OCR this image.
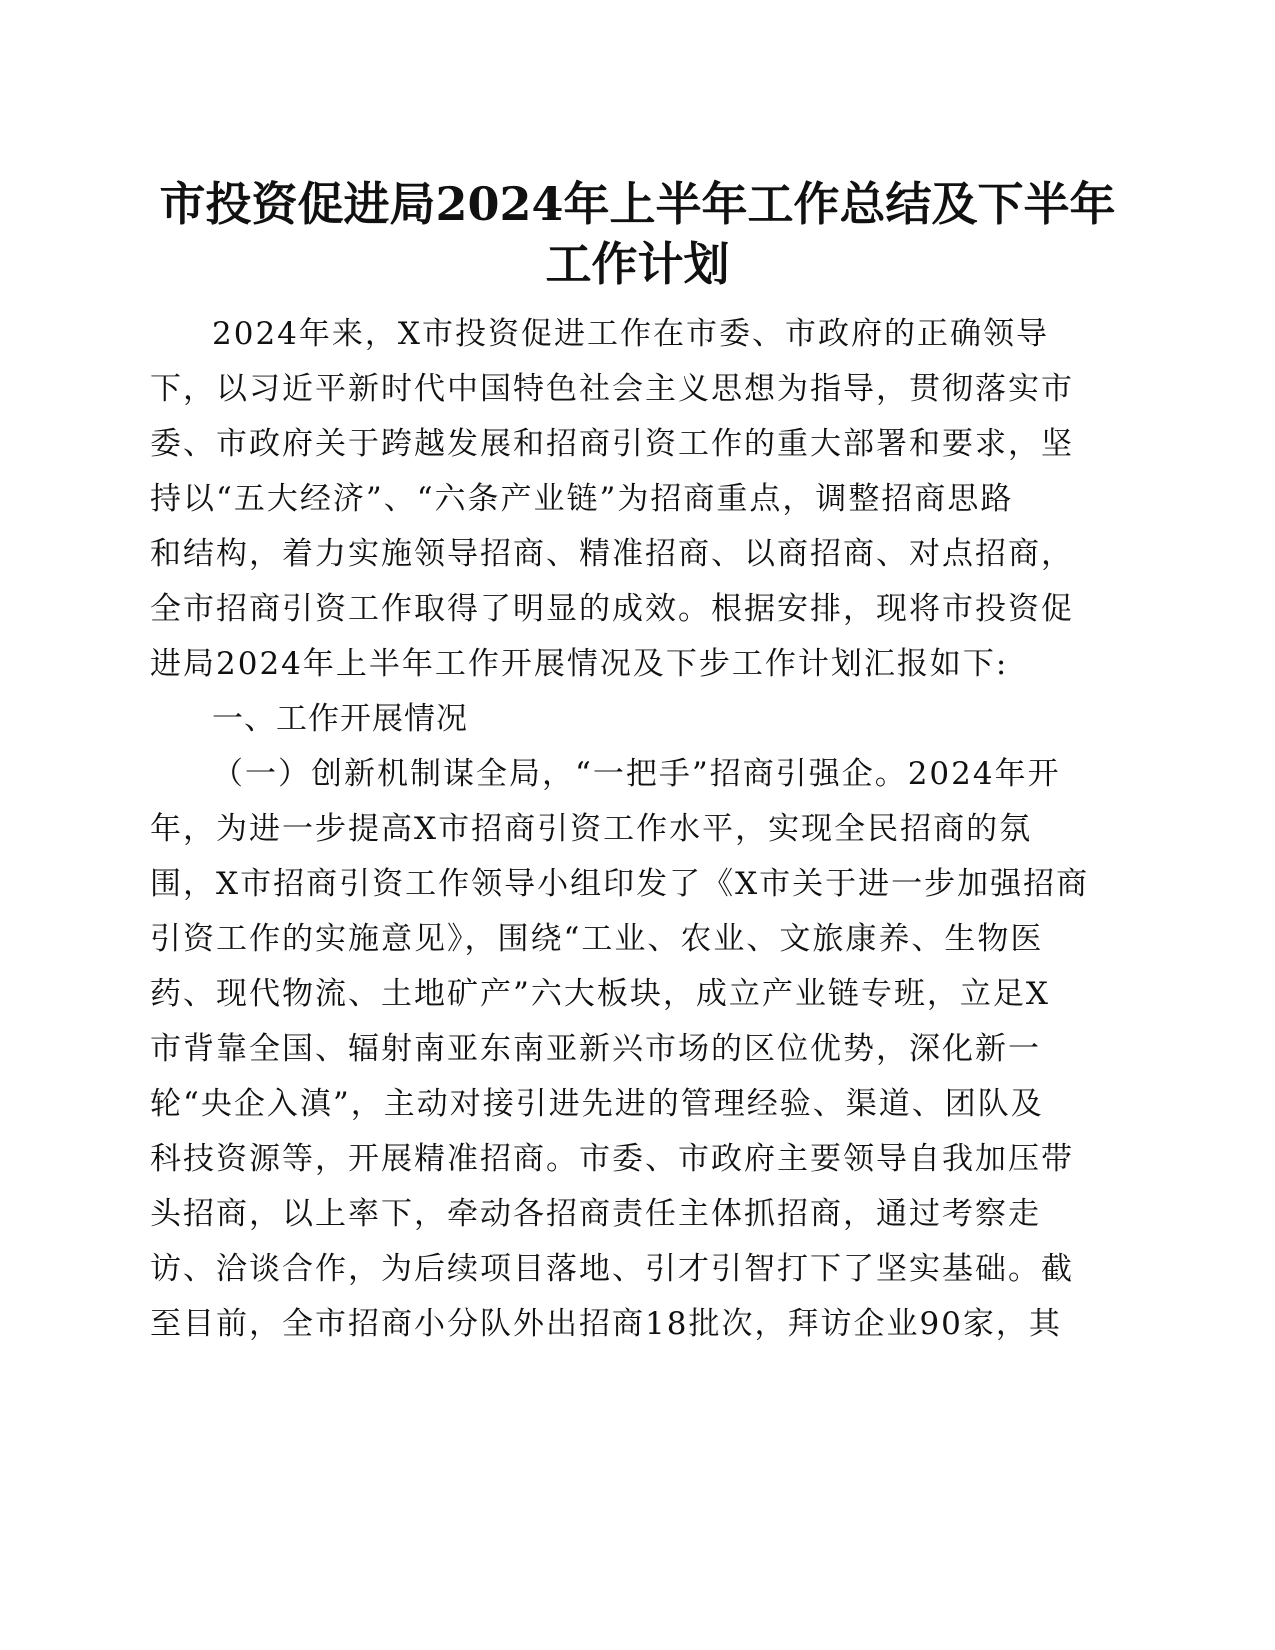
市投资促进局2024年上半年工作总结及下半年
工作计划
2024年来，X市投资促进工作在市委、市政府的正确领导
下，以习近平新时代中国特色社会主义思想为指导，贯彻落实市
委、市政府关于跨越发展和招商引资工作的重大部署和要求，坚
持以“五大经济”、“六条产业链”为招商重点，调整招商思路
和结构，着力实施领导招商、精准招商、以商招商、对点招商，
全市招商引资工作取得了明显的成效。根据安排，现将市投资促
进局2024年上半年工作开展情况及下步工作计划汇报如下:
一、工作开展情况
（一）创新机制谋全局，“一把手”招商引强企。2024年开
年，为进一步提高X市招商引资工作水平，实现全民招商的氛
围，X市招商引资工作领导小组印发了《X市关于进一步加强招商
引资工作的实施意见》，围绕“工业、农业、文旅康养、生物医
药、现代物流、土地矿产”六大板块，成立产业链专班，立足X
市背靠全国、辐射南亚东南亚新兴市场的区位优势，深化新一
轮“央企入滇”，主动对接引进先进的管理经验、渠道、团队及
科技资源等，开展精准招商。市委、市政府主要领导自我加压带
头招商，以上率下，牵动各招商责任主体抓招商，通过考察走
访、洽谈合作，为后续项目落地、引才引智打下了坚实基础。截
至目前，全市招商小分队外出招商18批次，拜访企业90家，其
